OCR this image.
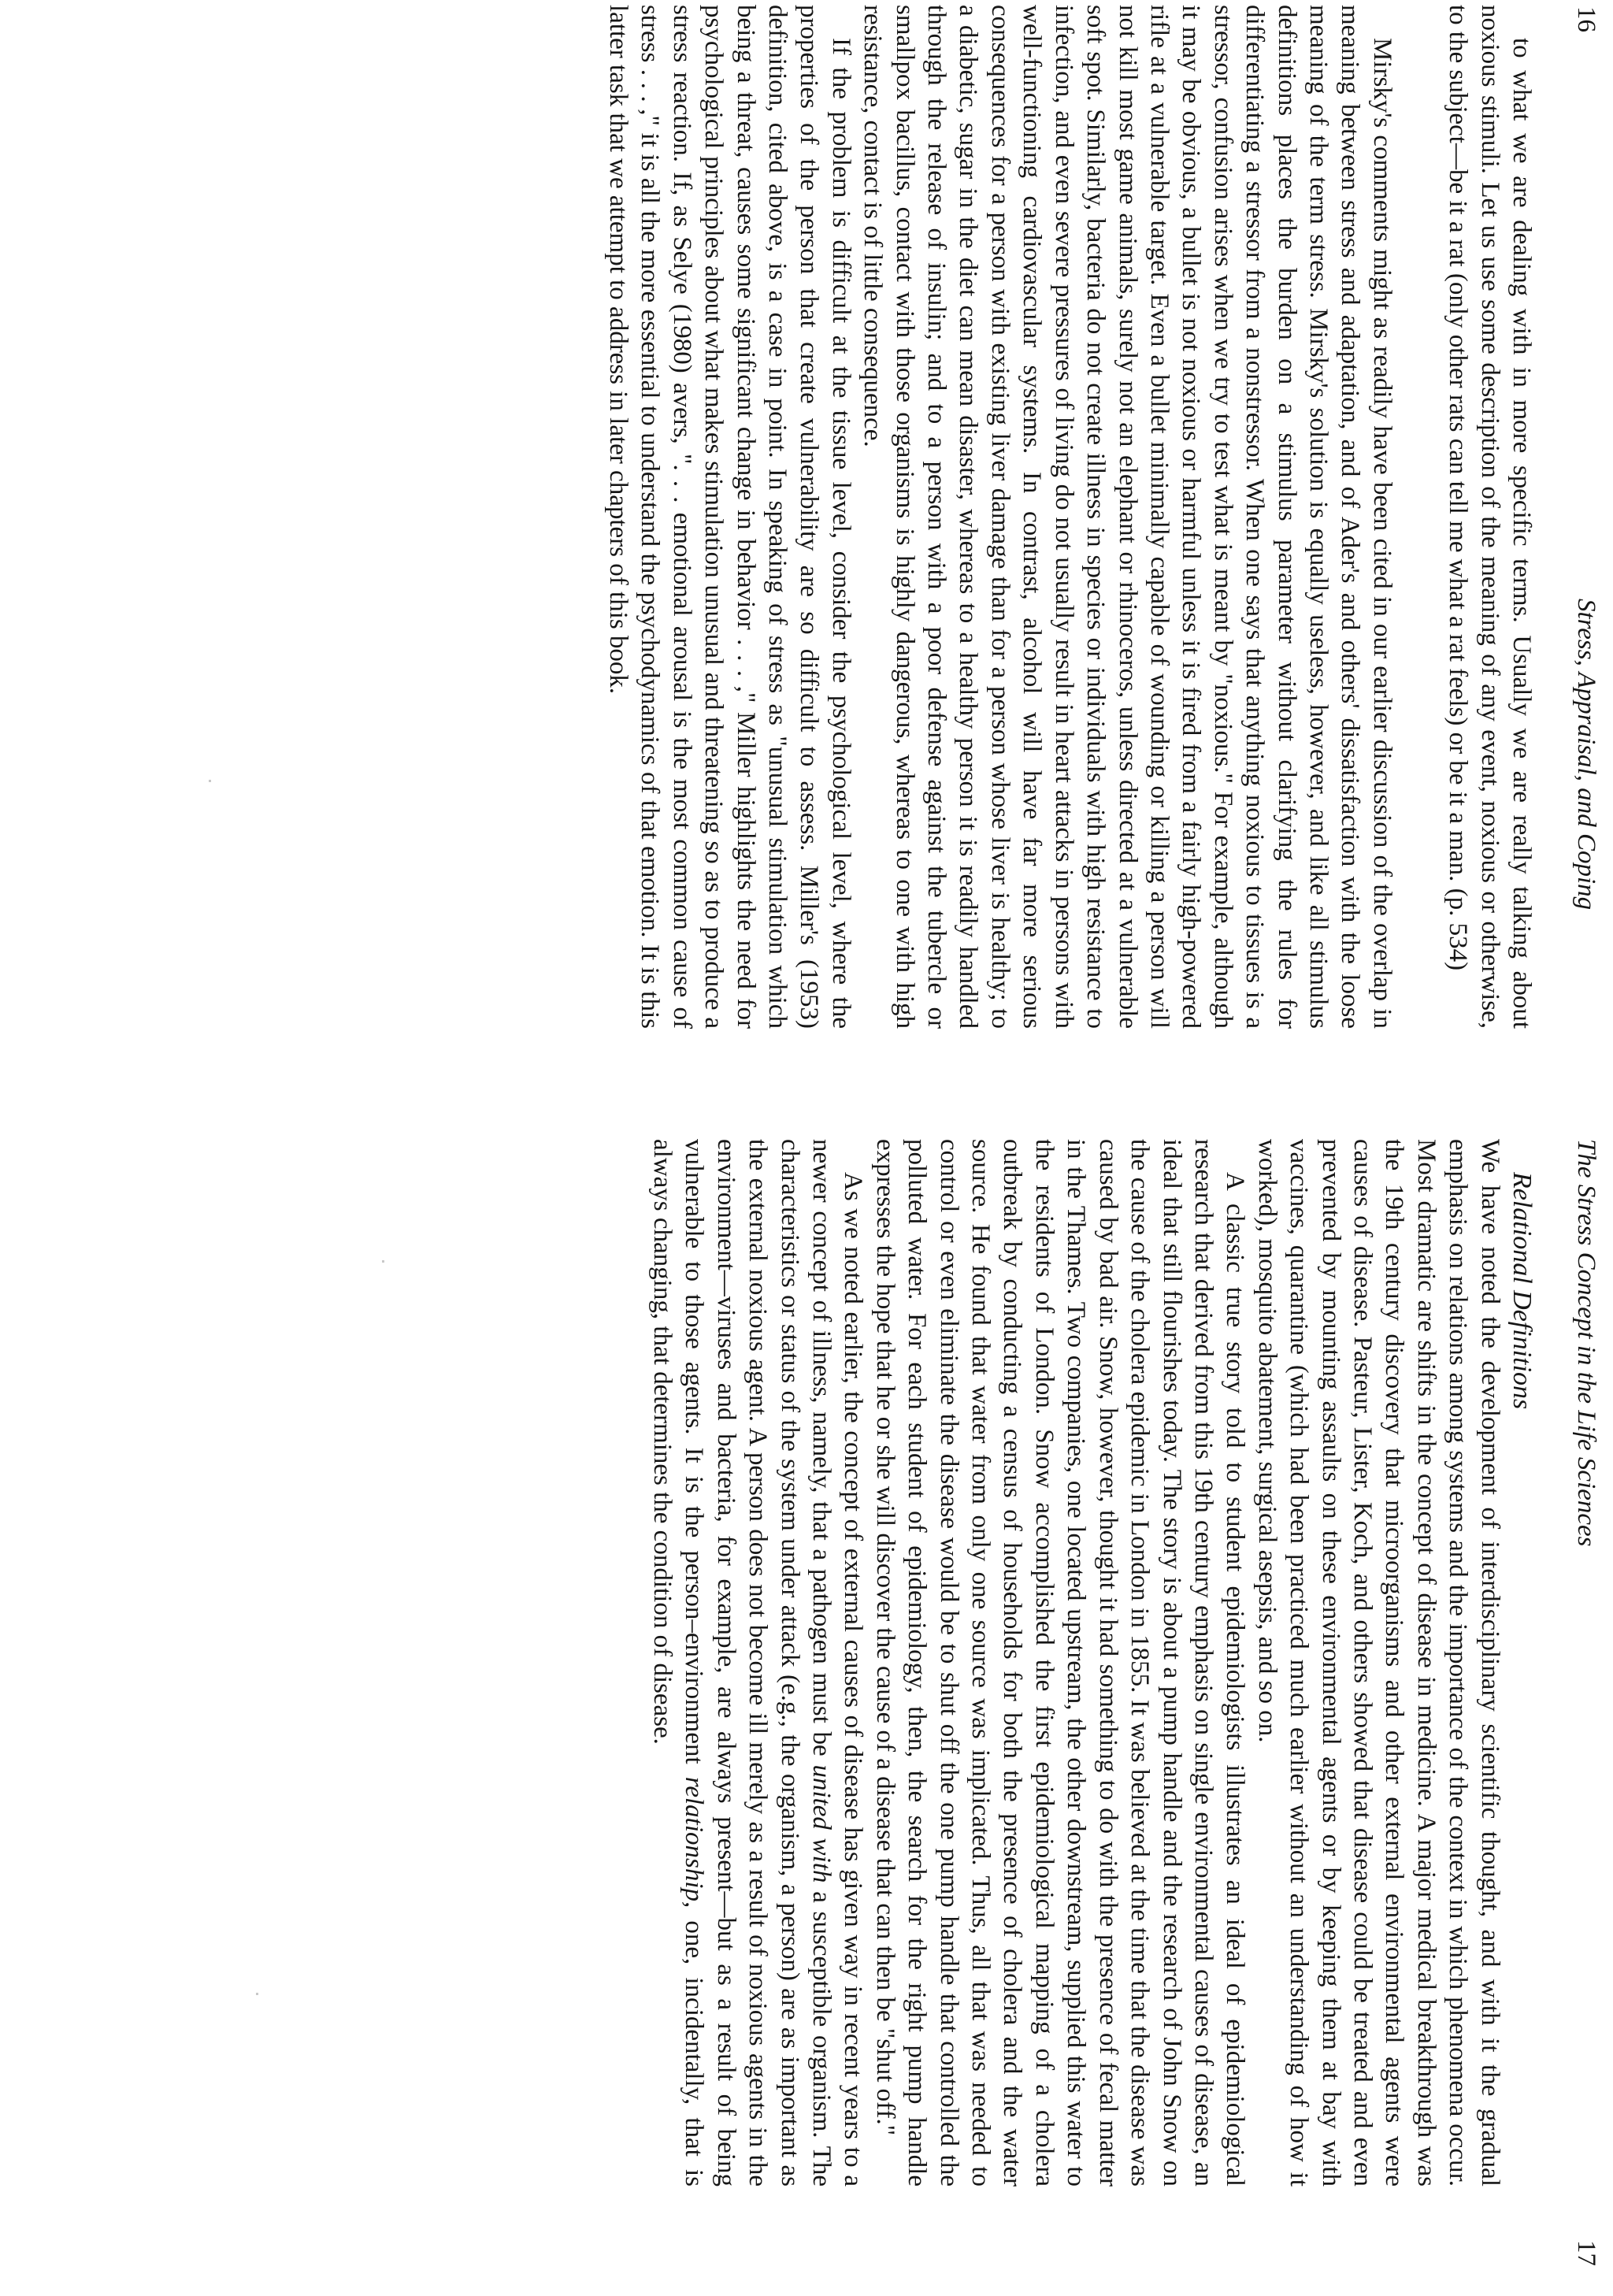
16
Stress, Appraisal, and Coping

to what we are dealing with in more specific terms. Usually we are really talking about noxious stimuli. Let us use some description of the meaning of any event, noxious or otherwise, to the subject—be it a rat (only other rats can tell me what a rat feels) or be it a man. (p. 534)

Mirsky's comments might as readily have been cited in our earlier discussion of the overlap in meaning between stress and adaptation, and of Ader's and others' dissatisfaction with the loose meaning of the term stress. Mirsky's solution is equally useless, however, and like all stimulus definitions places the burden on a stimulus parameter without clarifying the rules for differentiating a stressor from a nonstressor. When one says that anything noxious to tissues is a stressor, confusion arises when we try to test what is meant by "noxious." For example, although it may be obvious, a bullet is not noxious or harmful unless it is fired from a fairly high-powered rifle at a vulnerable target. Even a bullet minimally capable of wounding or killing a person will not kill most game animals, surely not an elephant or rhinoceros, unless directed at a vulnerable soft spot. Similarly, bacteria do not create illness in species or individuals with high resistance to infection, and even severe pressures of living do not usually result in heart attacks in persons with well-functioning cardiovascular systems. In contrast, alcohol will have far more serious consequences for a person with existing liver damage than for a person whose liver is healthy; to a diabetic, sugar in the diet can mean disaster, whereas to a healthy person it is readily handled through the release of insulin; and to a person with a poor defense against the tubercle or smallpox bacillus, contact with those organisms is highly dangerous, whereas to one with high resistance, contact is of little consequence.

If the problem is difficult at the tissue level, consider the psychological level, where the properties of the person that create vulnerability are so difficult to assess. Miller's (1953) definition, cited above, is a case in point. In speaking of stress as "unusual stimulation which being a threat, causes some significant change in behavior . . . ," Miller highlights the need for psychological principles about what makes stimulation unusual and threatening so as to produce a stress reaction. If, as Selye (1980) avers, ". . . emotional arousal is the most common cause of stress . . . ," it is all the more essential to understand the psychodynamics of that emotion. It is this latter task that we attempt to address in later chapters of this book.

The Stress Concept in the Life Sciences
17

Relational Definitions

We have noted the development of interdisciplinary scientific thought, and with it the gradual emphasis on relations among systems and the importance of the context in which phenomena occur. Most dramatic are shifts in the concept of disease in medicine. A major medical breakthrough was the 19th century discovery that microorganisms and other external environmental agents were causes of disease. Pasteur, Lister, Koch, and others showed that disease could be treated and even prevented by mounting assaults on these environmental agents or by keeping them at bay with vaccines, quarantine (which had been practiced much earlier without an understanding of how it worked), mosquito abatement, surgical asepsis, and so on.

A classic true story told to student epidemiologists illustrates an ideal of epidemiological research that derived from this 19th century emphasis on single environmental causes of disease, an ideal that still flourishes today. The story is about a pump handle and the research of John Snow on the cause of the cholera epidemic in London in 1855. It was believed at the time that the disease was caused by bad air. Snow, however, thought it had something to do with the presence of fecal matter in the Thames. Two companies, one located upstream, the other downstream, supplied this water to the residents of London. Snow accomplished the first epidemiological mapping of a cholera outbreak by conducting a census of households for both the presence of cholera and the water source. He found that water from only one source was implicated. Thus, all that was needed to control or even eliminate the disease would be to shut off the one pump handle that controlled the polluted water. For each student of epidemiology, then, the search for the right pump handle expresses the hope that he or she will discover the cause of a disease that can then be "shut off."

As we noted earlier, the concept of external causes of disease has given way in recent years to a newer concept of illness, namely, that a pathogen must be united with a susceptible organism. The characteristics or status of the system under attack (e.g., the organism, a person) are as important as the external noxious agent. A person does not become ill merely as a result of noxious agents in the environment—viruses and bacteria, for example, are always present—but as a result of being vulnerable to those agents. It is the person–environment relationship, one, incidentally, that is always changing, that determines the condition of disease.
